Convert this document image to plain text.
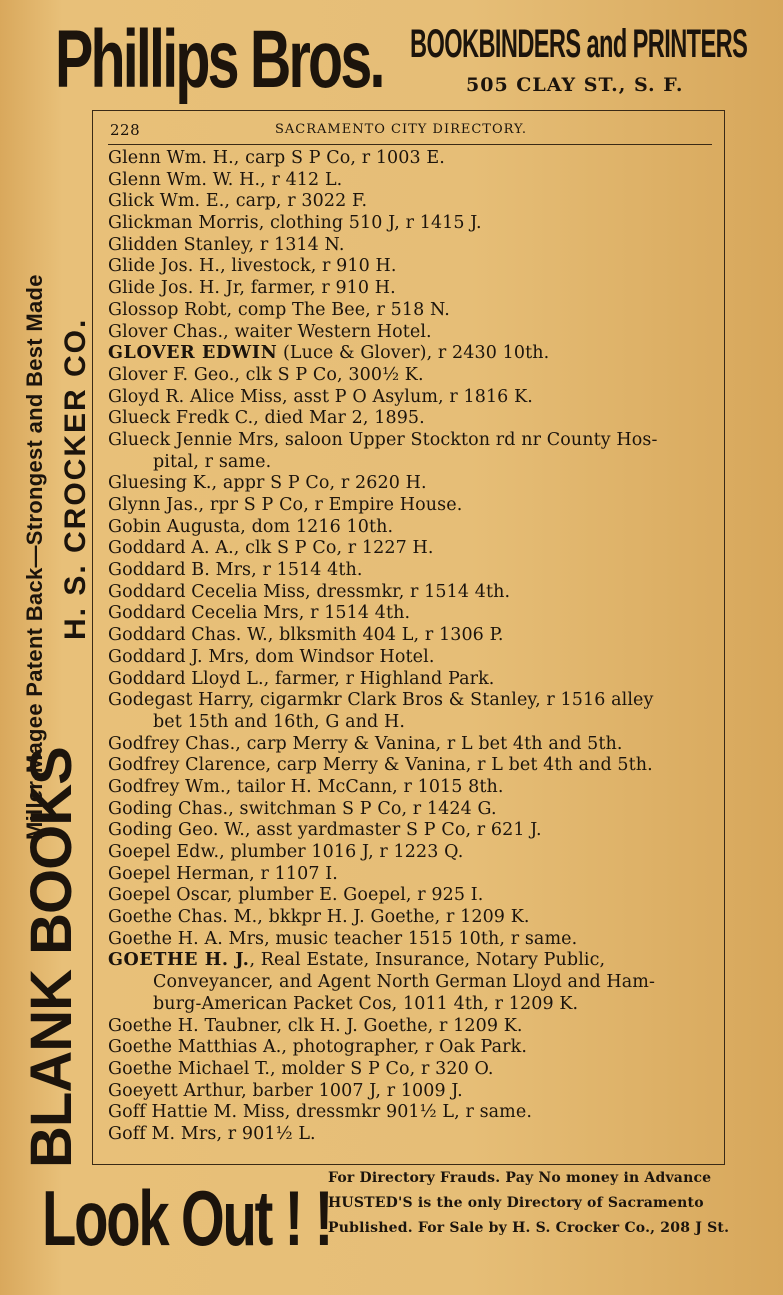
Phillips Bros. BOOKBINDERS and PRINTERS
505 CLAY ST., S. F.
Miller-Magee Patent Back—Strongest and Best Made H. S. CROCKER CO.
BLANK BOOKS
228	SACRAMENTO CITY DIRECTORY.
Glenn Wm. H., carp S P Co, r 1003 E.
Glenn Wm. W. H., r 412 L.
Glick Wm. E., carp, r 3022 F.
Glickman Morris, clothing 510 J, r 1415 J.
Glidden Stanley, r 1314 N.
Glide Jos. H., livestock, r 910 H.
Glide Jos. H. Jr, farmer, r 910 H.
Glossop Robt, comp The Bee, r 518 N.
Glover Chas., waiter Western Hotel.
GLOVER EDWIN (Luce & Glover), r 2430 10th.
Glover F. Geo., clk S P Co, 300½ K.
Gloyd R. Alice Miss, asst P O Asylum, r 1816 K.
Glueck Fredk C., died Mar 2, 1895.
Glueck Jennie Mrs, saloon Upper Stockton rd nr County Hos-
pital, r same.
Gluesing K., appr S P Co, r 2620 H.
Glynn Jas., rpr S P Co, r Empire House.
Gobin Augusta, dom 1216 10th.
Goddard A. A., clk S P Co, r 1227 H.
Goddard B. Mrs, r 1514 4th.
Goddard Cecelia Miss, dressmkr, r 1514 4th.
Goddard Cecelia Mrs, r 1514 4th.
Goddard Chas. W., blksmith 404 L, r 1306 P.
Goddard J. Mrs, dom Windsor Hotel.
Goddard Lloyd L., farmer, r Highland Park.
Godegast Harry, cigarmkr Clark Bros & Stanley, r 1516 alley
bet 15th and 16th, G and H.
Godfrey Chas., carp Merry & Vanina, r L bet 4th and 5th.
Godfrey Clarence, carp Merry & Vanina, r L bet 4th and 5th.
Godfrey Wm., tailor H. McCann, r 1015 8th.
Goding Chas., switchman S P Co, r 1424 G.
Goding Geo. W., asst yardmaster S P Co, r 621 J.
Goepel Edw., plumber 1016 J, r 1223 Q.
Goepel Herman, r 1107 I.
Goepel Oscar, plumber E. Goepel, r 925 I.
Goethe Chas. M., bkkpr H. J. Goethe, r 1209 K.
Goethe H. A. Mrs, music teacher 1515 10th, r same.
GOETHE H. J., Real Estate, Insurance, Notary Public,
Conveyancer, and Agent North German Lloyd and Ham-
burg-American Packet Cos, 1011 4th, r 1209 K.
Goethe H. Taubner, clk H. J. Goethe, r 1209 K.
Goethe Matthias A., photographer, r Oak Park.
Goethe Michael T., molder S P Co, r 320 O.
Goeyett Arthur, barber 1007 J, r 1009 J.
Goff Hattie M. Miss, dressmkr 901½ L, r same.
Goff M. Mrs, r 901½ L.
Look Out ! !
For Directory Frauds. Pay No money in Advance
HUSTED'S is the only Directory of Sacramento
Published. For Sale by H. S. Crocker Co., 208 J St.
